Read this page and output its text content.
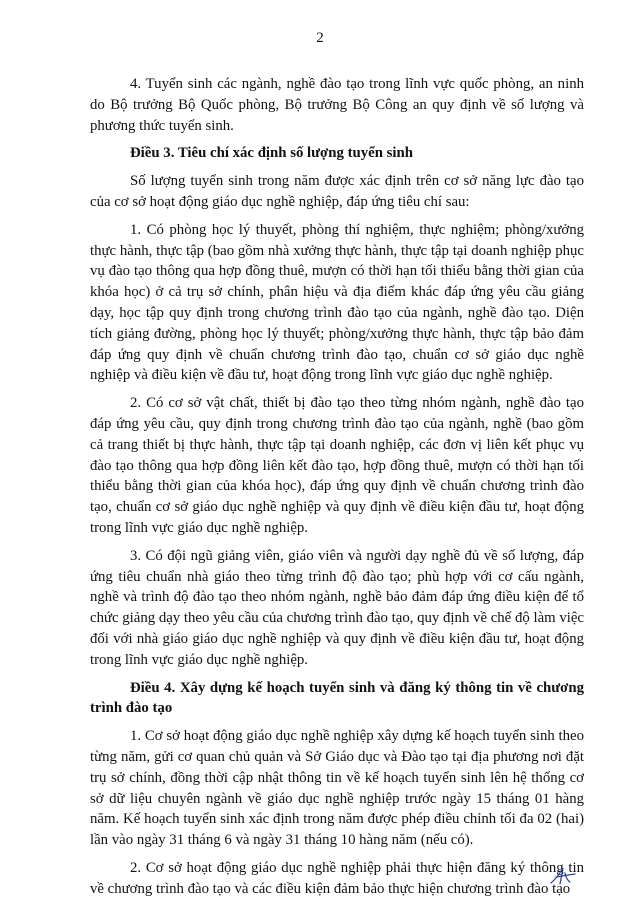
2

4. Tuyển sinh các ngành, nghề đào tạo trong lĩnh vực quốc phòng, an ninh do Bộ trưởng Bộ Quốc phòng, Bộ trưởng Bộ Công an quy định về số lượng và phương thức tuyển sinh.

Điều 3. Tiêu chí xác định số lượng tuyển sinh

Số lượng tuyển sinh trong năm được xác định trên cơ sở năng lực đào tạo của cơ sở hoạt động giáo dục nghề nghiệp, đáp ứng tiêu chí sau:

1. Có phòng học lý thuyết, phòng thí nghiệm, thực nghiệm; phòng/xưởng thực hành, thực tập (bao gồm nhà xưởng thực hành, thực tập tại doanh nghiệp phục vụ đào tạo thông qua hợp đồng thuê, mượn có thời hạn tối thiểu bằng thời gian của khóa học) ở cả trụ sở chính, phân hiệu và địa điểm khác đáp ứng yêu cầu giảng dạy, học tập quy định trong chương trình đào tạo của ngành, nghề đào tạo. Diện tích giảng đường, phòng học lý thuyết; phòng/xưởng thực hành, thực tập bảo đảm đáp ứng quy định về chuẩn chương trình đào tạo, chuẩn cơ sở giáo dục nghề nghiệp và điều kiện về đầu tư, hoạt động trong lĩnh vực giáo dục nghề nghiệp.

2. Có cơ sở vật chất, thiết bị đào tạo theo từng nhóm ngành, nghề đào tạo đáp ứng yêu cầu, quy định trong chương trình đào tạo của ngành, nghề (bao gồm cả trang thiết bị thực hành, thực tập tại doanh nghiệp, các đơn vị liên kết phục vụ đào tạo thông qua hợp đồng liên kết đào tạo, hợp đồng thuê, mượn có thời hạn tối thiểu bằng thời gian của khóa học), đáp ứng quy định về chuẩn chương trình đào tạo, chuẩn cơ sở giáo dục nghề nghiệp và quy định về điều kiện đầu tư, hoạt động trong lĩnh vực giáo dục nghề nghiệp.

3. Có đội ngũ giảng viên, giáo viên và người dạy nghề đủ về số lượng, đáp ứng tiêu chuẩn nhà giáo theo từng trình độ đào tạo; phù hợp với cơ cấu ngành, nghề và trình độ đào tạo theo nhóm ngành, nghề bảo đảm đáp ứng điều kiện để tổ chức giảng dạy theo yêu cầu của chương trình đào tạo, quy định về chế độ làm việc đối với nhà giáo giáo dục nghề nghiệp và quy định về điều kiện đầu tư, hoạt động trong lĩnh vực giáo dục nghề nghiệp.

Điều 4. Xây dựng kế hoạch tuyển sinh và đăng ký thông tin về chương trình đào tạo

1. Cơ sở hoạt động giáo dục nghề nghiệp xây dựng kế hoạch tuyển sinh theo từng năm, gửi cơ quan chủ quản và Sở Giáo dục và Đào tạo tại địa phương nơi đặt trụ sở chính, đồng thời cập nhật thông tin về kế hoạch tuyển sinh lên hệ thống cơ sở dữ liệu chuyên ngành về giáo dục nghề nghiệp trước ngày 15 tháng 01 hàng năm. Kế hoạch tuyển sinh xác định trong năm được phép điều chỉnh tối đa 02 (hai) lần vào ngày 31 tháng 6 và ngày 31 tháng 10 hàng năm (nếu có).

2. Cơ sở hoạt động giáo dục nghề nghiệp phải thực hiện đăng ký thông tin về chương trình đào tạo và các điều kiện đảm bảo thực hiện chương trình đào tạo
